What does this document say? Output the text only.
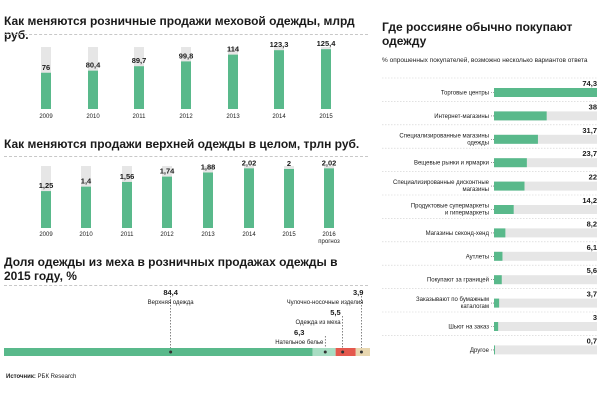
Как меняются розничные продажи меховой одежды, млрд руб.
76
2009
80,4
2010
89,7
2011
99,8
2012
114
2013
123,3
2014
125,4
2015
Как меняются продажи верхней одежды в целом, трлн руб.
1,25
2009
1,4
2010
1,56
2011
1,74
2012
1,88
2013
2,02
2014
2
2015
2,02
2016
прогноз
Доля одежды из меха в розничных продажах одежды в 2015 году, %
84,4
Верхняя одежда
6,3
Нательное белье
5,5
Одежда из меха
3,9
Чулочно-носочные изделия
Где россияне обычно покупают одежду
% опрошенных покупателей, возможно несколько вариантов ответа
74,3
Торговые центры
38
Интернет-магазины
31,7
Специализированные магазины
одежды
23,7
Вещевые рынки и ярмарки
22
Специализированные дисконтные
магазины
14,2
Продуктовые супермаркеты
и гипермаркеты
8,2
Магазины секонд-хенд
6,1
Аутлеты
5,6
Покупают за границей
3,7
Заказывают по бумажным
каталогам
3
Шьют на заказ
0,7
Другое
Источник: РБК Research
